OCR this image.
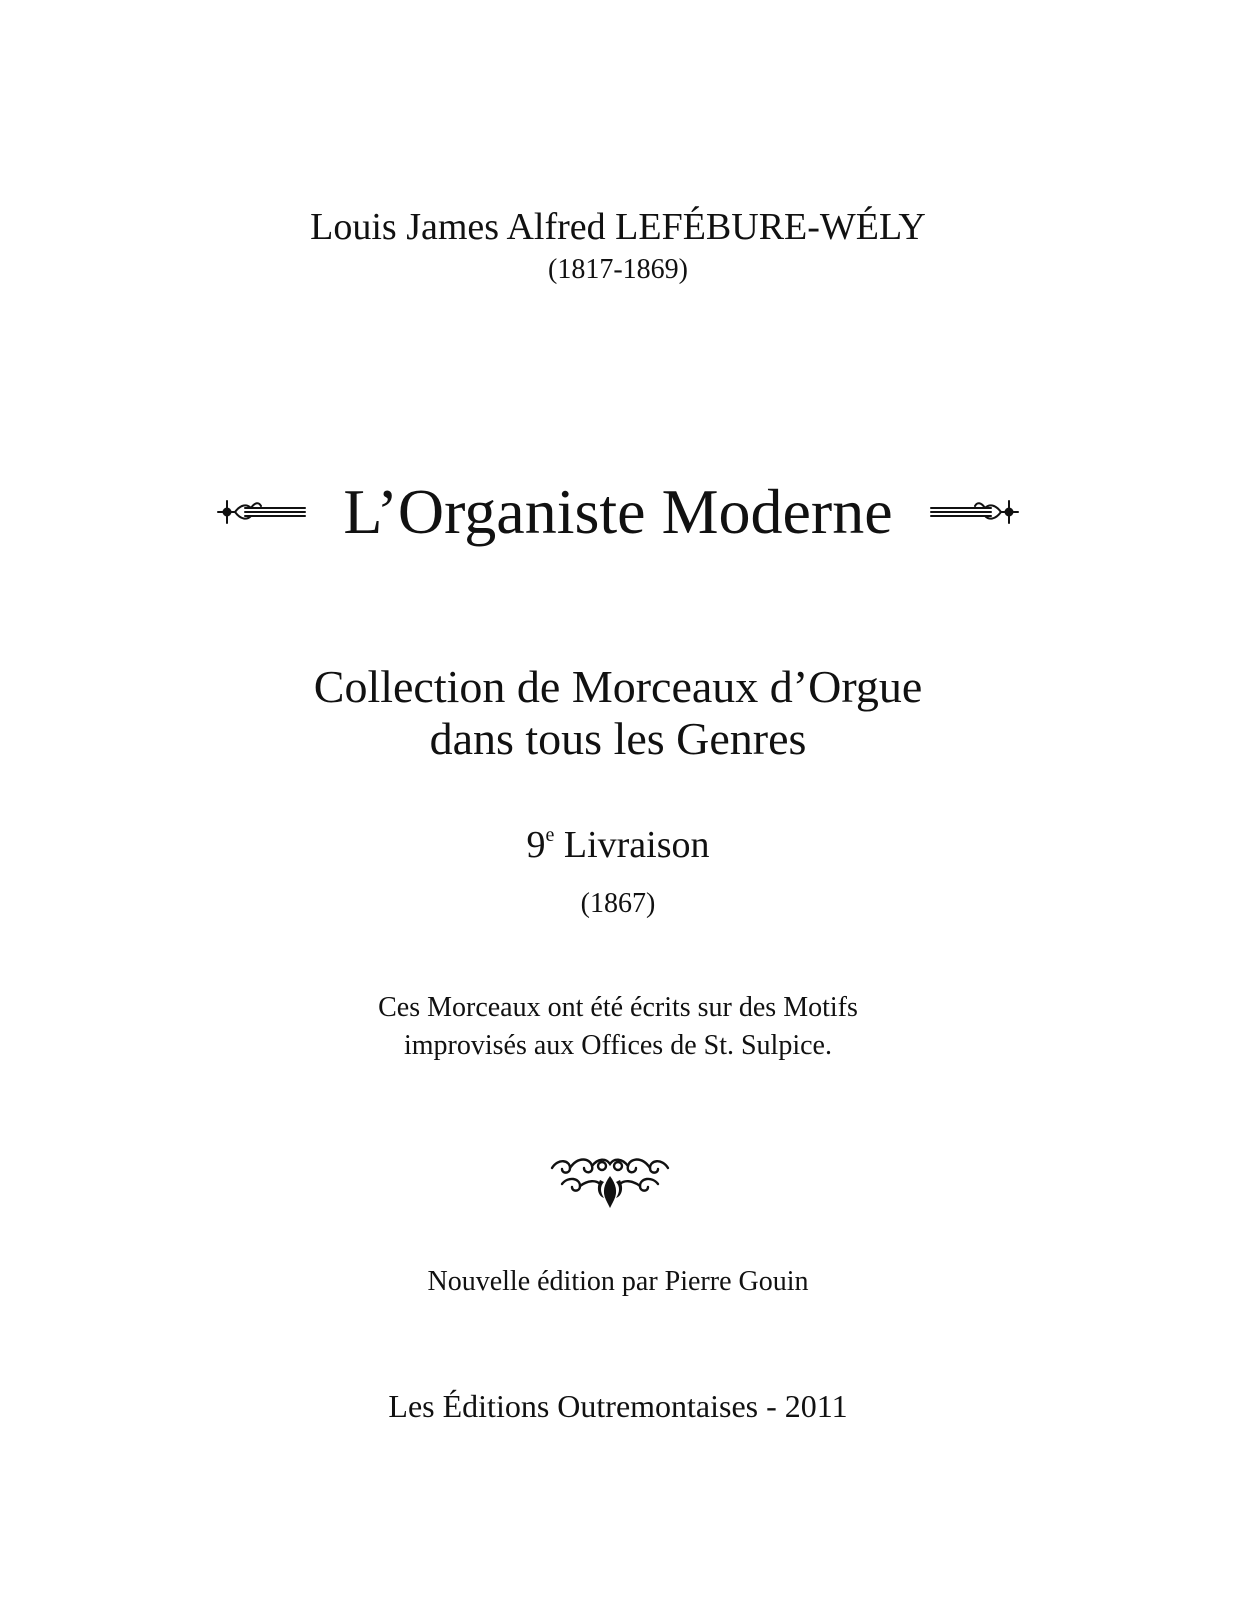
Louis James Alfred LEFÉBURE-WÉLY
(1817-1869)
L’Organiste Moderne
Collection de Morceaux d’Orgue
dans tous les Genres
9e Livraison
(1867)
Ces Morceaux ont été écrits sur des Motifs
improvisés aux Offices de St. Sulpice.
Nouvelle édition par Pierre Gouin
Les Éditions Outremontaises - 2011
